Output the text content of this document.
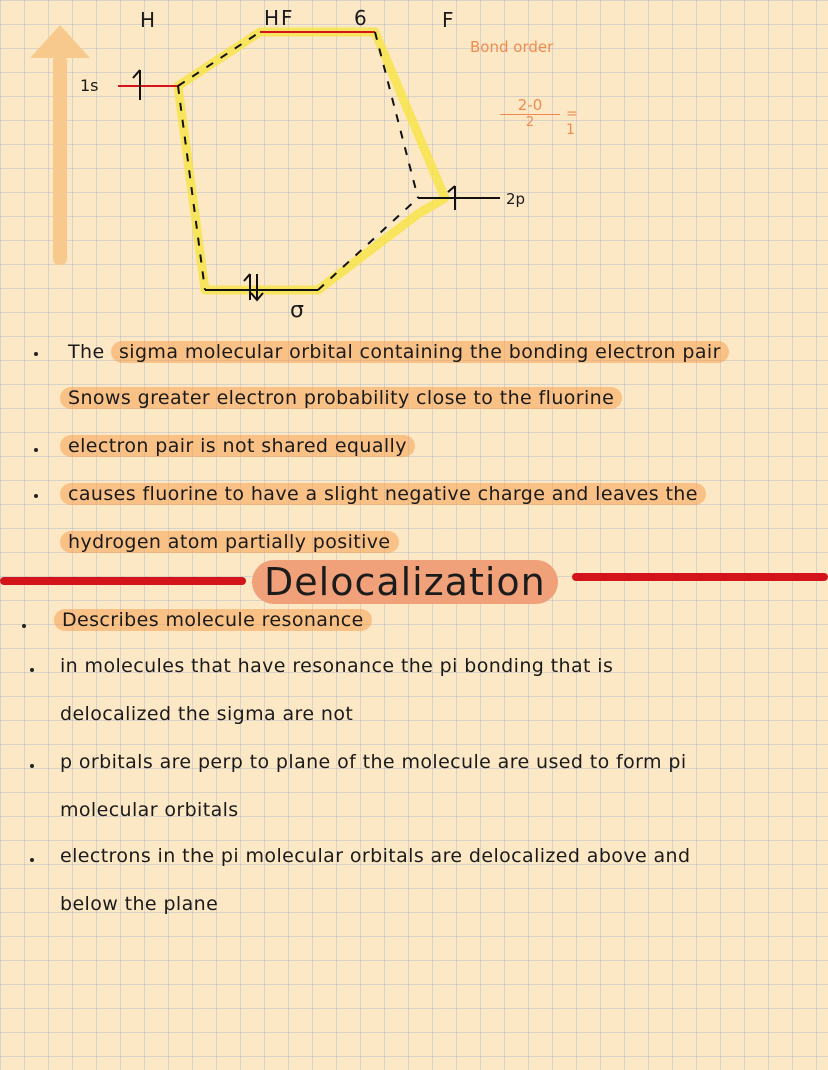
H	HF	6	F
1s
2p
σ
Bond order
2-0
2
= 1
The sigma molecular orbital containing the bonding electron pair
Snows greater electron probability close to the fluorine
electron pair is not shared equally
causes fluorine to have a slight negative charge and leaves the
hydrogen atom partially positive
Delocalization
Describes molecule resonance
in molecules that have resonance the pi bonding that is
delocalized the sigma are not
p orbitals are perp to plane of the molecule are used to form pi
molecular orbitals
electrons in the pi molecular orbitals are delocalized above and
below the plane
